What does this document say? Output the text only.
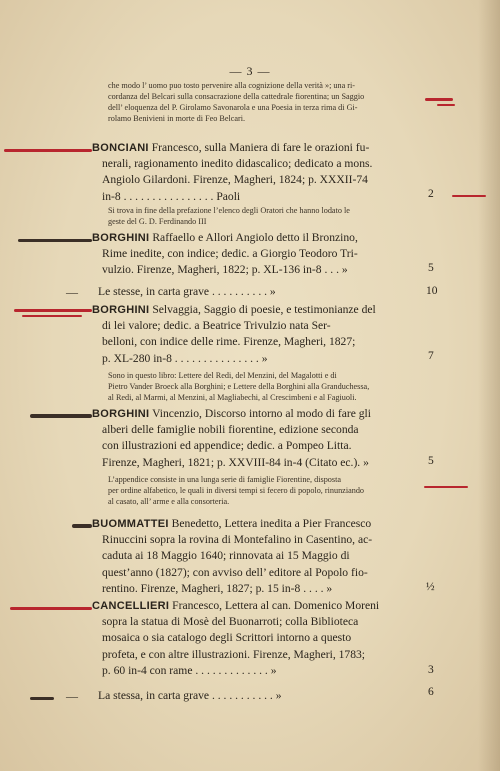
— 3 —
che modo l’ uomo puo tosto pervenire alla cognizione della verità »; una ri-
cordanza del Belcari sulla consacrazione della cattedrale fiorentina; un Saggio
dell’ eloquenza del P. Girolamo Savonarola e una Poesia in terza rima di Gi-
rolamo Benivieni in morte di Feo Belcari.
BONCIANI Francesco, sulla Maniera di fare le orazioni fu-
nerali, ragionamento inedito didascalico; dedicato a mons.
Angiolo Gilardoni. Firenze, Magheri, 1824; p. XXXII-74
in-8 . . . . . . . . . . . . . . . . Paoli	2
Si trova in fine della prefazione l’elenco degli Oratori che hanno lodato le
geste del G. D. Ferdinando III
BORGHINI Raffaello e Allori Angiolo detto il Bronzino,
Rime inedite, con indice; dedic. a Giorgio Teodoro Tri-
vulzio. Firenze, Magheri, 1822; p. XL-136 in-8 . . . »	5
— Le stesse, in carta grave . . . . . . . . . . »	10
BORGHINI Selvaggia, Saggio di poesie, e testimonianze del
di lei valore; dedic. a Beatrice Trivulzio nata Ser-
belloni, con indice delle rime. Firenze, Magheri, 1827;
p. XL-280 in-8 . . . . . . . . . . . . . . . »	7
Sono in questo libro: Lettere del Redi, del Menzini, del Magalotti e di
Pietro Vander Broeck alla Borghini; e Lettere della Borghini alla Granduchessa,
al Redi, al Marmi, al Menzini, al Magliabechi, al Crescimbeni e al Fagiuoli.
BORGHINI Vincenzio, Discorso intorno al modo di fare gli
alberi delle famiglie nobili fiorentine, edizione seconda
con illustrazioni ed appendice; dedic. a Pompeo Litta.
Firenze, Magheri, 1821; p. XXVIII-84 in-4 (Citato ec.). »	5
L’appendice consiste in una lunga serie di famiglie Fiorentine, disposta
per ordine alfabetico, le quali in diversi tempi si fecero di popolo, rinunziando
al casato, all’ arme e alla consorteria.
BUOMMATTEI Benedetto, Lettera inedita a Pier Francesco
Rinuccini sopra la rovina di Montefalino in Casentino, ac-
caduta ai 18 Maggio 1640; rinnovata ai 15 Maggio di
quest’anno (1827); con avviso dell’ editore al Popolo fio-
rentino. Firenze, Magheri, 1827; p. 15 in-8 . . . . »	½
CANCELLIERI Francesco, Lettera al can. Domenico Moreni
sopra la statua di Mosè del Buonarroti; colla Biblioteca
mosaica o sia catalogo degli Scrittori intorno a questo
profeta, e con altre illustrazioni. Firenze, Magheri, 1783;
p. 60 in-4 con rame . . . . . . . . . . . . . »	3
— La stessa, in carta grave . . . . . . . . . . . »	6
